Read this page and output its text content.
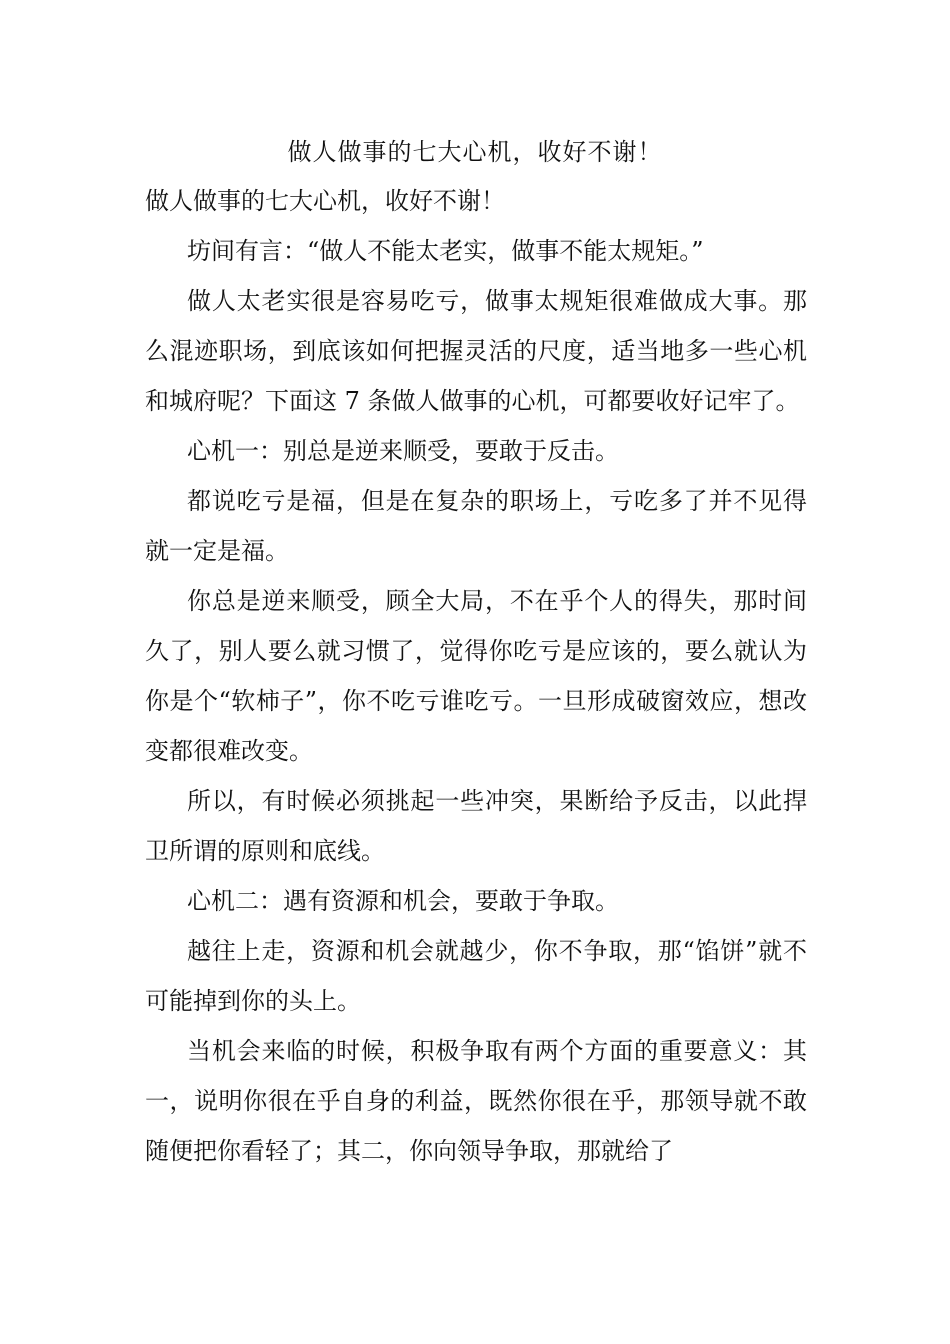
做人做事的七大心机，收好不谢！

做人做事的七大心机，收好不谢！

坊间有言：“做人不能太老实，做事不能太规矩。”

做人太老实很是容易吃亏，做事太规矩很难做成大事。那么混迹职场，到底该如何把握灵活的尺度，适当地多一些心机和城府呢？下面这 7 条做人做事的心机，可都要收好记牢了。

心机一：别总是逆来顺受，要敢于反击。

都说吃亏是福，但是在复杂的职场上，亏吃多了并不见得就一定是福。

你总是逆来顺受，顾全大局，不在乎个人的得失，那时间久了，别人要么就习惯了，觉得你吃亏是应该的，要么就认为你是个“软柿子”，你不吃亏谁吃亏。一旦形成破窗效应，想改变都很难改变。

所以，有时候必须挑起一些冲突，果断给予反击，以此捍卫所谓的原则和底线。

心机二：遇有资源和机会，要敢于争取。

越往上走，资源和机会就越少，你不争取，那“馅饼”就不可能掉到你的头上。

当机会来临的时候，积极争取有两个方面的重要意义：其一，说明你很在乎自身的利益，既然你很在乎，那领导就不敢随便把你看轻了；其二，你向领导争取，那就给了
